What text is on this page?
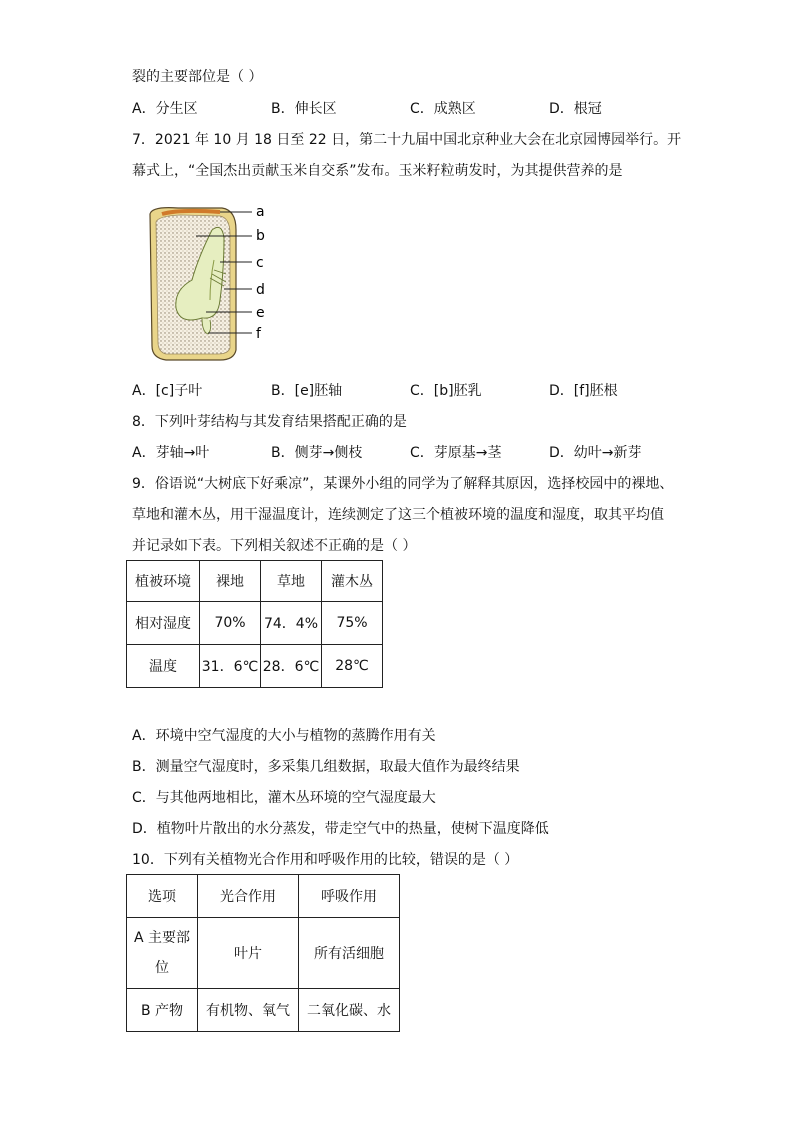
裂的主要部位是（ ）
A．分生区	B．伸长区	C．成熟区	D．根冠
7．2021 年 10 月 18 日至 22 日，第二十九届中国北京种业大会在北京园博园举行。开
幕式上，“全国杰出贡献玉米自交系”发布。玉米籽粒萌发时，为其提供营养的是
a
b
c
d
e
f
A．[c]子叶	B．[e]胚轴	C．[b]胚乳	D．[f]胚根
8．下列叶芽结构与其发育结果搭配正确的是
A．芽轴→叶	B．侧芽→侧枝	C．芽原基→茎	D．幼叶→新芽
9．俗语说“大树底下好乘凉”，某课外小组的同学为了解释其原因，选择校园中的裸地、
草地和灌木丛，用干湿温度计，连续测定了这三个植被环境的温度和湿度，取其平均值
并记录如下表。下列相关叙述不正确的是（ ）
植被环境	裸地	草地	灌木丛
相对湿度	70%	74．4%	75%
温度	31．6℃	28．6℃	28℃
A．环境中空气湿度的大小与植物的蒸腾作用有关
B．测量空气湿度时，多采集几组数据，取最大值作为最终结果
C．与其他两地相比，灌木丛环境的空气湿度最大
D．植物叶片散出的水分蒸发，带走空气中的热量，使树下温度降低
10．下列有关植物光合作用和呼吸作用的比较，错误的是（ ）
选项	光合作用	呼吸作用
A 主要部位	叶片	所有活细胞
B 产物	有机物、氧气	二氧化碳、水
